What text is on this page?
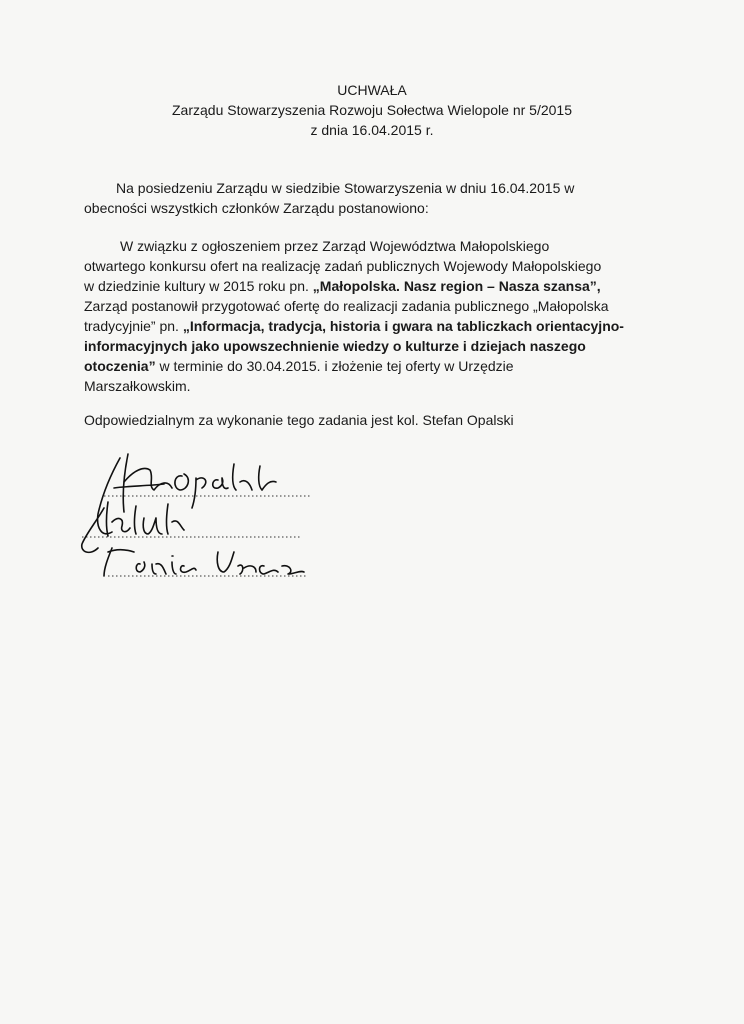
UCHWAŁA
Zarządu Stowarzyszenia Rozwoju Sołectwa Wielopole nr 5/2015
z dnia 16.04.2015 r.
Na posiedzeniu Zarządu w siedzibie Stowarzyszenia w dniu 16.04.2015 w
obecności wszystkich członków Zarządu postanowiono:
W związku z ogłoszeniem przez Zarząd Województwa Małopolskiego
otwartego konkursu ofert na realizację zadań publicznych Wojewody Małopolskiego
w dziedzinie kultury w 2015 roku pn. „Małopolska. Nasz region – Nasza szansa”,
Zarząd postanowił przygotować ofertę do realizacji zadania publicznego „Małopolska
tradycyjnie” pn. „Informacja, tradycja, historia i gwara na tabliczkach orientacyjno-
informacyjnych jako upowszechnienie wiedzy o kulturze i dziejach naszego
otoczenia” w terminie do 30.04.2015. i złożenie tej oferty w Urzędzie
Marszałkowskim.
Odpowiedzialnym za wykonanie tego zadania jest kol. Stefan Opalski
